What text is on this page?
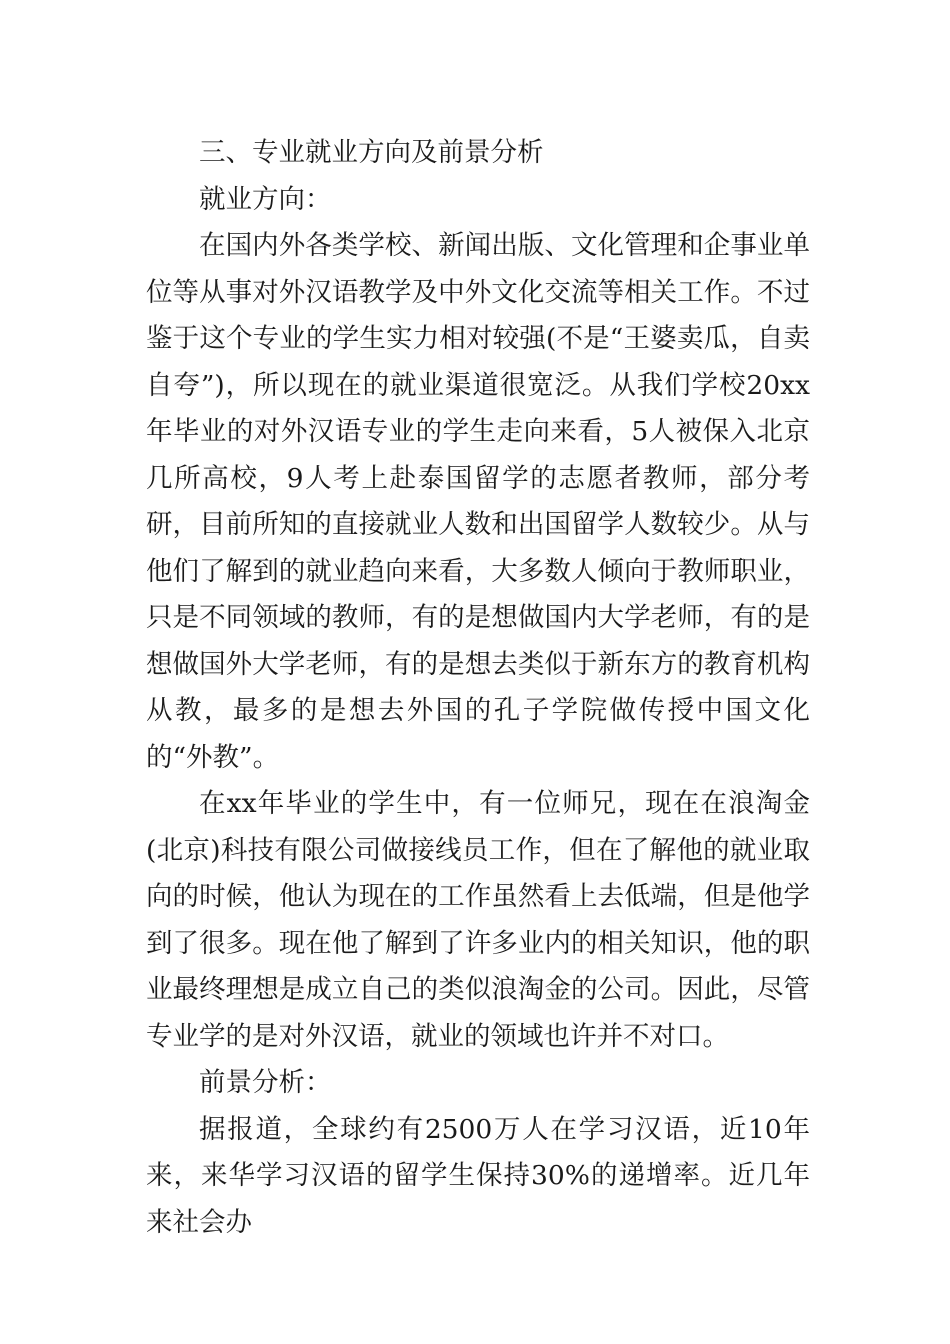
三、专业就业方向及前景分析

就业方向：

在国内外各类学校、新闻出版、文化管理和企事业单位等从事对外汉语教学及中外文化交流等相关工作。不过鉴于这个专业的学生实力相对较强(不是“王婆卖瓜，自卖自夸”)，所以现在的就业渠道很宽泛。从我们学校20xx年毕业的对外汉语专业的学生走向来看，5人被保入北京几所高校，9人考上赴泰国留学的志愿者教师，部分考研，目前所知的直接就业人数和出国留学人数较少。从与他们了解到的就业趋向来看，大多数人倾向于教师职业，只是不同领域的教师，有的是想做国内大学老师，有的是想做国外大学老师，有的是想去类似于新东方的教育机构从教，最多的是想去外国的孔子学院做传授中国文化的“外教”。

在xx年毕业的学生中，有一位师兄，现在在浪淘金(北京)科技有限公司做接线员工作，但在了解他的就业取向的时候，他认为现在的工作虽然看上去低端，但是他学到了很多。现在他了解到了许多业内的相关知识，他的职业最终理想是成立自己的类似浪淘金的公司。因此，尽管专业学的是对外汉语，就业的领域也许并不对口。

前景分析：

据报道，全球约有2500万人在学习汉语，近10年来，来华学习汉语的留学生保持30%的递增率。近几年来社会办
